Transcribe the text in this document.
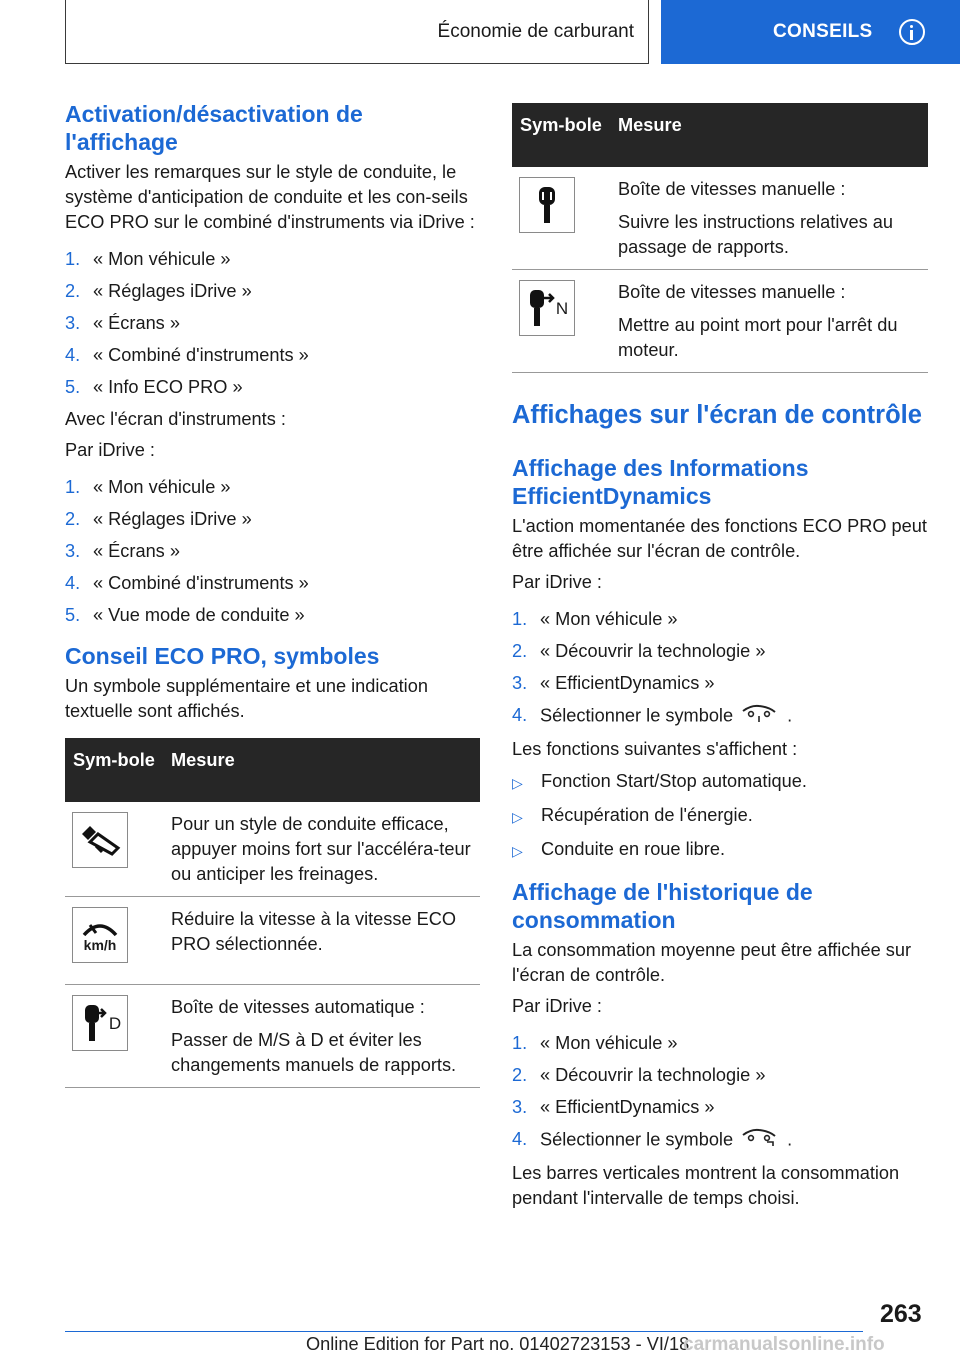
Économie de carburant	CONSEILS
Activation/désactivation de l'affichage

Activer les remarques sur le style de conduite, le système d'anticipation de conduite et les con‐seils ECO PRO sur le combiné d'instruments via iDrive :

1. « Mon véhicule »
2. « Réglages iDrive »
3. « Écrans »
4. « Combiné d'instruments »
5. « Info ECO PRO »

Avec l'écran d'instruments :

Par iDrive :

1. « Mon véhicule »
2. « Réglages iDrive »
3. « Écrans »
4. « Combiné d'instruments »
5. « Vue mode de conduite »
Conseil ECO PRO, symboles

Un symbole supplémentaire et une indication textuelle sont affichés.

Sym‐bole	Mesure

Pour un style de conduite efficace, appuyer moins fort sur l'accéléra‐teur ou anticiper les freinages.

km/h	Réduire la vitesse à la vitesse ECO PRO sélectionnée.

D	Boîte de vitesses automatique :

Passer de M/S à D et éviter les changements manuels de rapports.

Sym‐bole	Mesure

Boîte de vitesses manuelle :

Suivre les instructions relatives au passage de rapports.

N	Boîte de vitesses manuelle :

Mettre au point mort pour l'arrêt du moteur.

Affichages sur l'écran de contrôle
Affichage des Informations EfficientDynamics

L'action momentanée des fonctions ECO PRO peut être affichée sur l'écran de contrôle.

Par iDrive :

1. « Mon véhicule »
2. « Découvrir la technologie »
3. « EfficientDynamics »
4. Sélectionner le symbole	.

Les fonctions suivantes s'affichent :

▷	Fonction Start/Stop automatique.
▷	Récupération de l'énergie.
▷	Conduite en roue libre.
Affichage de l'historique de consommation

La consommation moyenne peut être affichée sur l'écran de contrôle.

Par iDrive :

1. « Mon véhicule »
2. « Découvrir la technologie »
3. « EfficientDynamics »
4. Sélectionner le symbole	.

Les barres verticales montrent la consommation pendant l'intervalle de temps choisi.

263
Online Edition for Part no. 01402723153 - VI/18
carmanualsonline.info
